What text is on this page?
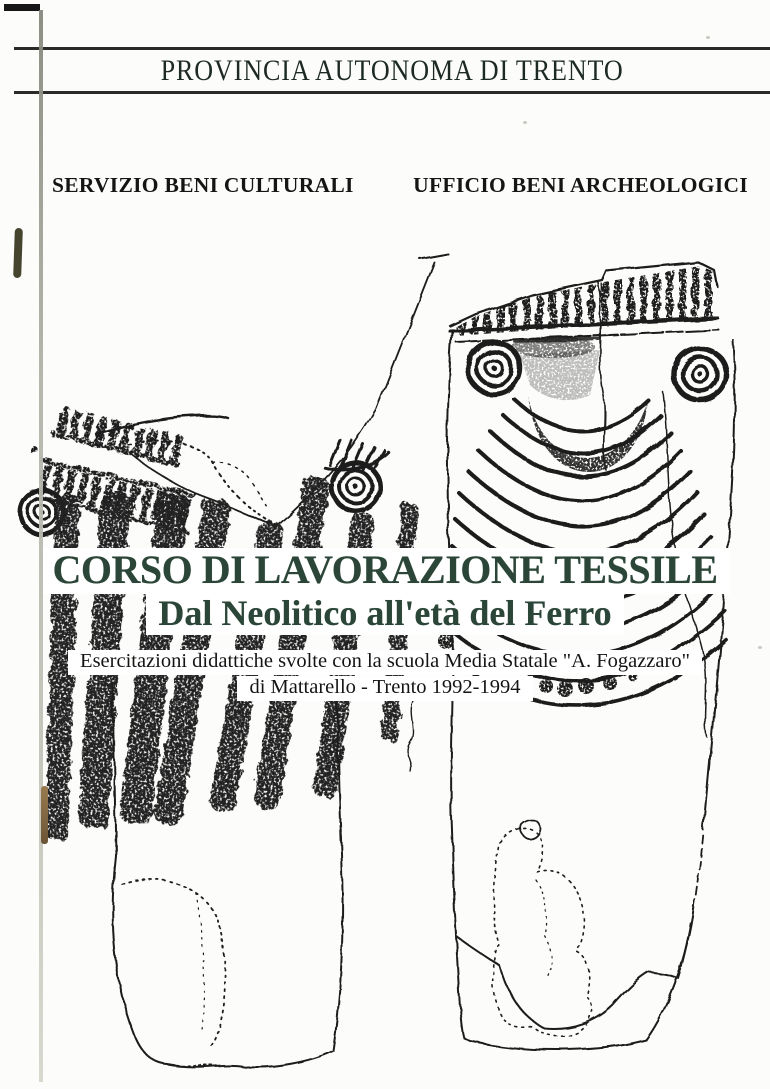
PROVINCIA AUTONOMA DI TRENTO
SERVIZIO BENI CULTURALI	UFFICIO BENI ARCHEOLOGICI
CORSO DI LAVORAZIONE TESSILE
Dal Neolitico all'età del Ferro
Esercitazioni didattiche svolte con la scuola Media Statale "A. Fogazzaro"
di Mattarello - Trento 1992-1994
